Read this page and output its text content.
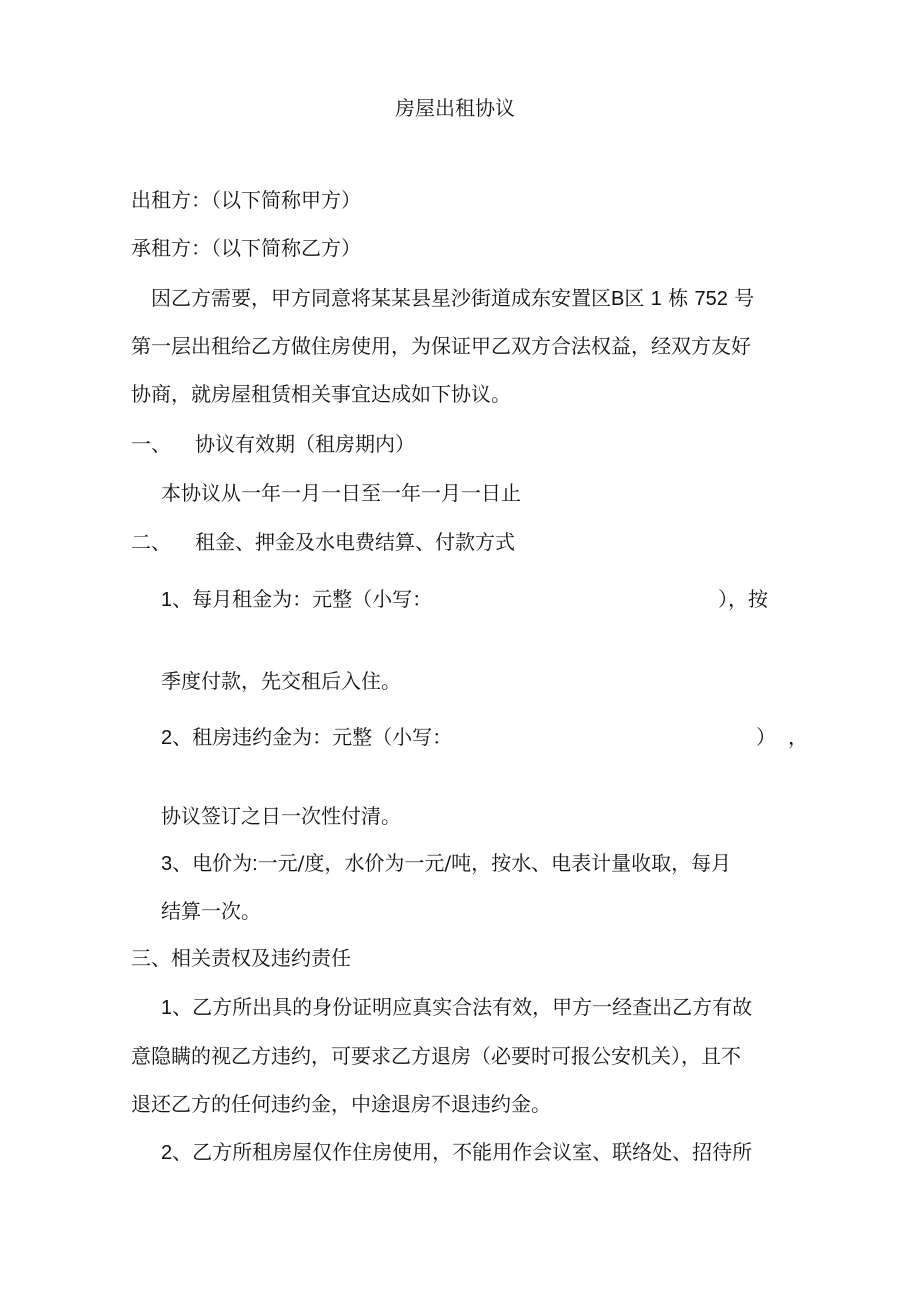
房屋出租协议
出租方：（以下简称甲方）
承租方：（以下简称乙方）
因乙方需要，甲方同意将某某县星沙街道成东安置区B区 1 栋 752 号
第一层出租给乙方做住房使用，为保证甲乙双方合法权益，经双方友好
协商，就房屋租赁相关事宜达成如下协议。
一、 协议有效期（租房期内）
本协议从一年一月一日至一年一月一日止
二、 租金、押金及水电费结算、付款方式
1、每月租金为：元整（小写：	），按
季度付款，先交租后入住。
2、租房违约金为：元整（小写：	） ，
协议签订之日一次性付清。
3、电价为:一元/度，水价为一元/吨，按水、电表计量收取，每月
结算一次。
三、相关责权及违约责任
1、乙方所出具的身份证明应真实合法有效，甲方一经查出乙方有故
意隐瞒的视乙方违约，可要求乙方退房（必要时可报公安机关），且不
退还乙方的任何违约金，中途退房不退违约金。
2、乙方所租房屋仅作住房使用，不能用作会议室、联络处、招待所
